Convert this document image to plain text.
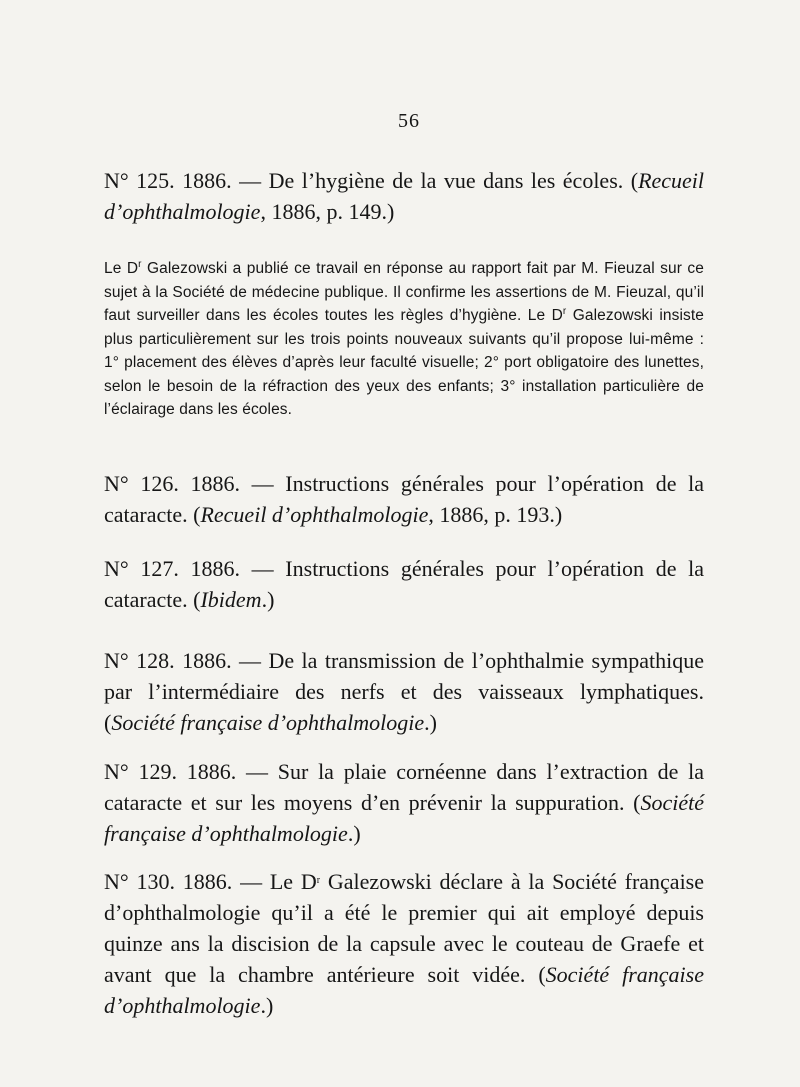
56
N° 125. 1886. — De l’hygiène de la vue dans les écoles. (Recueil d’ophthalmologie, 1886, p. 149.)
Le $D^r$ Galezowski a publié ce travail en réponse au rapport fait par M. Fieuzal sur ce sujet à la Société de médecine publique. Il confirme les assertions de M. Fieuzal, qu’il faut surveiller dans les écoles toutes les règles d’hygiène. Le $D^r$ Galezowski insiste plus particulièrement sur les trois points nouveaux suivants qu’il propose lui-même : 1° placement des élèves d’après leur faculté visuelle; 2° port obligatoire des lunettes, selon le besoin de la réfraction des yeux des enfants; 3° installation particulière de l’éclairage dans les écoles.
N° 126. 1886. — Instructions générales pour l’opération de la cataracte. (Recueil d’ophthalmologie, 1886, p. 193.)
N° 127. 1886. — Instructions générales pour l’opération de la cataracte. (Ibidem.)
N° 128. 1886. — De la transmission de l’ophthalmie sympathique par l’intermédiaire des nerfs et des vaisseaux lymphatiques. (Société française d’ophthalmologie.)
N° 129. 1886. — Sur la plaie cornéenne dans l’extraction de la cataracte et sur les moyens d’en prévenir la suppuration. (Société française d’ophthalmologie.)
N° 130. 1886. — Le $D^r$ Galezowski déclare à la Société française d’ophthalmologie qu’il a été le premier qui ait employé depuis quinze ans la discision de la capsule avec le couteau de Graefe et avant que la chambre antérieure soit vidée. (Société française d’ophthalmologie.)
